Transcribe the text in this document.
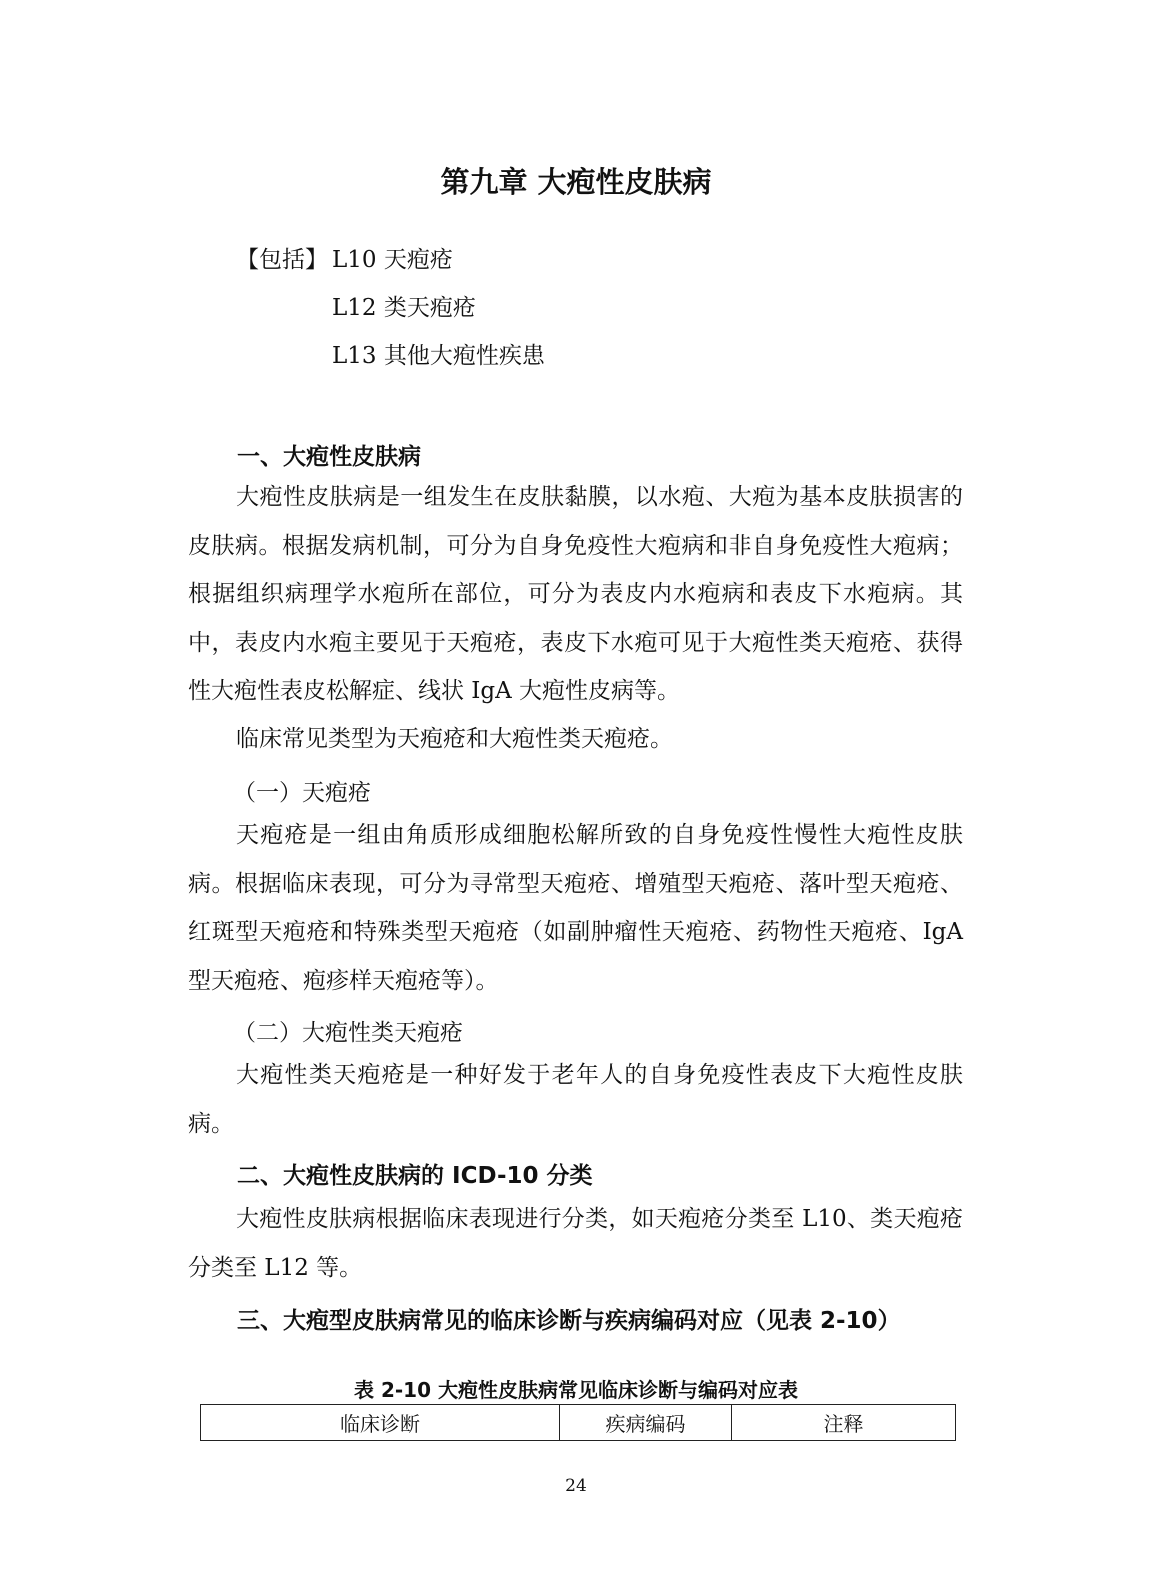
第九章 大疱性皮肤病
【包括】 L10 天疱疮
L12 类天疱疮
L13 其他大疱性疾患
一、大疱性皮肤病

大疱性皮肤病是一组发生在皮肤黏膜，以水疱、大疱为基本皮肤损害的皮肤病。根据发病机制，可分为自身免疫性大疱病和非自身免疫性大疱病；根据组织病理学水疱所在部位，可分为表皮内水疱病和表皮下水疱病。其中，表皮内水疱主要见于天疱疮，表皮下水疱可见于大疱性类天疱疮、获得性大疱性表皮松解症、线状 IgA 大疱性皮病等。

临床常见类型为天疱疮和大疱性类天疱疮。

（一）天疱疮

天疱疮是一组由角质形成细胞松解所致的自身免疫性慢性大疱性皮肤病。根据临床表现，可分为寻常型天疱疮、增殖型天疱疮、落叶型天疱疮、红斑型天疱疮和特殊类型天疱疮（如副肿瘤性天疱疮、药物性天疱疮、IgA 型天疱疮、疱疹样天疱疮等）。

（二）大疱性类天疱疮

大疱性类天疱疮是一种好发于老年人的自身免疫性表皮下大疱性皮肤病。

二、大疱性皮肤病的 ICD-10 分类

大疱性皮肤病根据临床表现进行分类，如天疱疮分类至 L10、类天疱疮分类至 L12 等。

三、大疱型皮肤病常见的临床诊断与疾病编码对应（见表 2-10）
表 2-10 大疱性皮肤病常见临床诊断与编码对应表
临床诊断	疾病编码	注释
24
